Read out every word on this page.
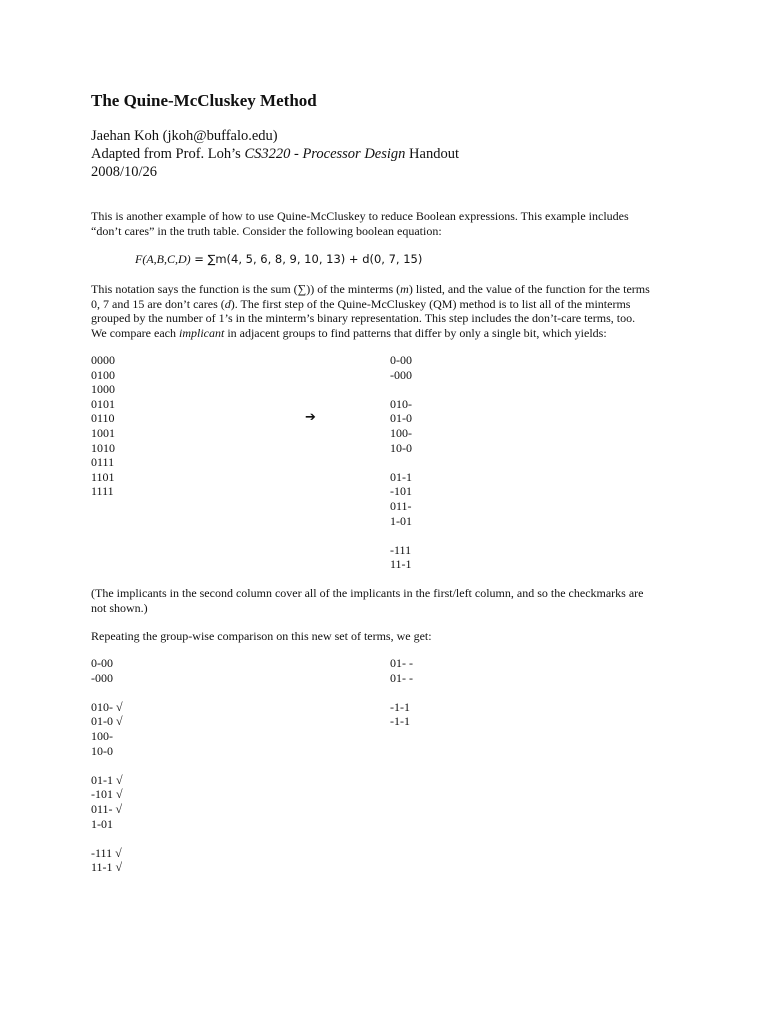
The Quine-McCluskey Method
Jaehan Koh (jkoh@buffalo.edu)
Adapted from Prof. Loh’s CS3220 - Processor Design Handout
2008/10/26
This is another example of how to use Quine-McCluskey to reduce Boolean expressions. This example includes
“don’t cares” in the truth table. Consider the following boolean equation:
F(A,B,C,D) = ∑m(4, 5, 6, 8, 9, 10, 13) + d(0, 7, 15)
This notation says the function is the sum (∑)) of the minterms (m) listed, and the value of the function for the terms
0, 7 and 15 are don’t cares (d). The first step of the Quine-McCluskey (QM) method is to list all of the minterms
grouped by the number of 1’s in the minterm’s binary representation. This step includes the don’t-care terms, too.
We compare each implicant in adjacent groups to find patterns that differ by only a single bit, which yields:
0000
0100
1000
0101
0110
1001
1010
0111
1101
1111
➔
0-00
-000
010-
01-0
100-
10-0
01-1
-101
011-
1-01
-111
11-1
(The implicants in the second column cover all of the implicants in the first/left column, and so the checkmarks are
not shown.)
Repeating the group-wise comparison on this new set of terms, we get:
0-00
-000
010- √
01-0 √
100-
10-0
01-1 √
-101 √
011- √
1-01
-111 √
11-1 √
01- -
01- -
-1-1
-1-1
